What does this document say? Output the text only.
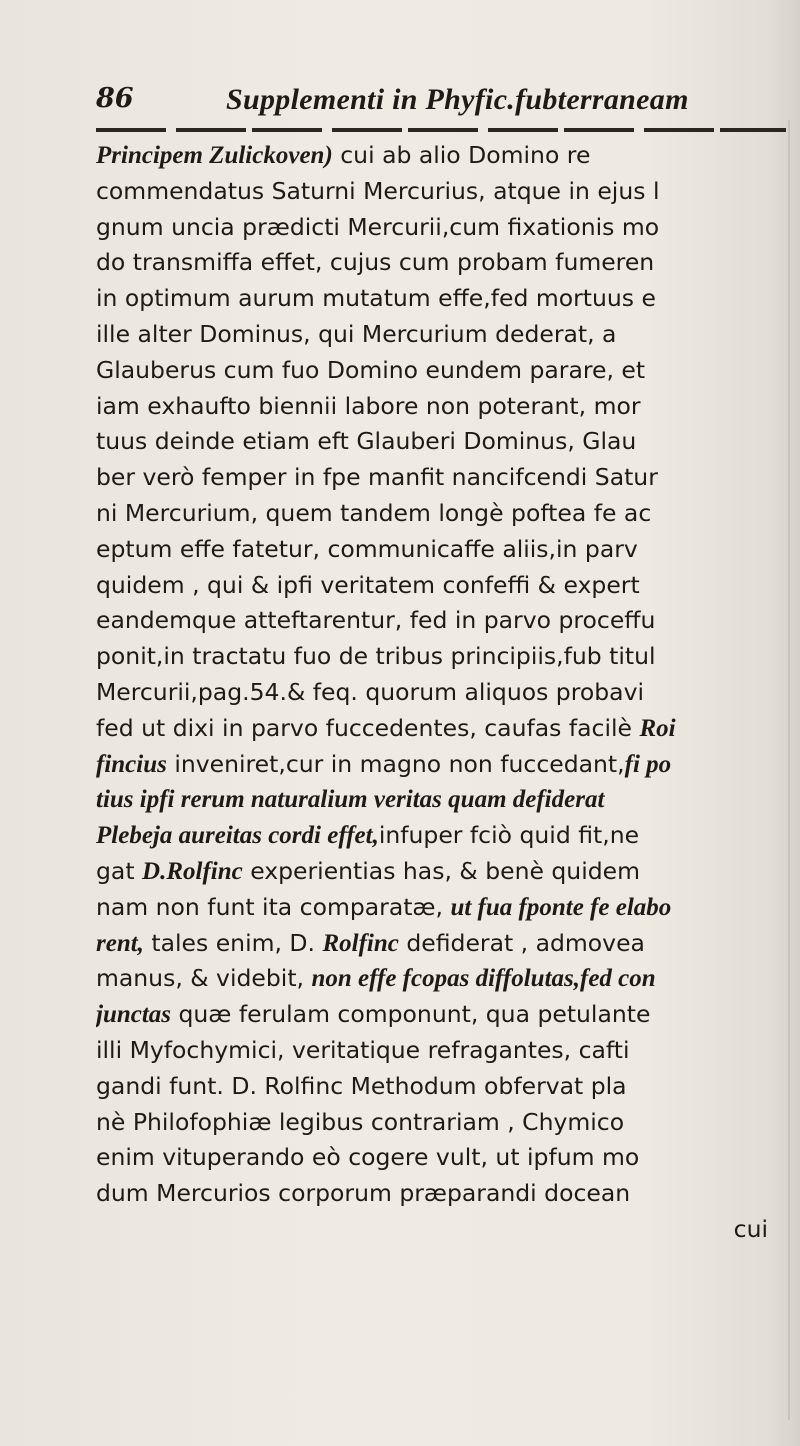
86	Supplementi in Phyfic.fubterraneam
Principem Zulickoven) cui ab alio Domino re
commendatus Saturni Mercurius, atque in ejus l
gnum uncia prædicti Mercurii,cum fixationis mo
do transmiffa effet, cujus cum probam fumeren
in optimum aurum mutatum effe,fed mortuus e
ille alter Dominus, qui Mercurium dederat, a
Glauberus cum fuo Domino eundem parare, et
iam exhaufto biennii labore non poterant, mor
tuus deinde etiam eft Glauberi Dominus, Glau
ber verò femper in fpe manfit nancifcendi Satur
ni Mercurium, quem tandem longè poftea fe ac
eptum effe fatetur, communicaffe aliis,in parv
quidem , qui & ipfi veritatem confeffi & expert
eandemque atteftarentur, fed in parvo proceffu
ponit,in tractatu fuo de tribus principiis,fub titul
Mercurii,pag.54.& feq. quorum aliquos probavi
fed ut dixi in parvo fuccedentes, caufas facilè Roi
fincius inveniret,cur in magno non fuccedant,fi po
tius ipfi rerum naturalium veritas quam defiderat
Plebeja aureitas cordi effet,infuper fciò quid fit,ne
gat D.Rolfinc experientias has, & benè quidem
nam non funt ita comparatæ, ut fua fponte fe elabo
rent, tales enim, D. Rolfinc defiderat , admovea
manus, & videbit, non effe fcopas diffolutas,fed con
junctas quæ ferulam componunt, qua petulante
illi Myfochymici, veritatique refragantes, cafti
gandi funt. D. Rolfinc Methodum obfervat pla
nè Philofophiæ legibus contrariam , Chymico
enim vituperando eò cogere vult, ut ipfum mo
dum Mercurios corporum præparandi docean
cui
